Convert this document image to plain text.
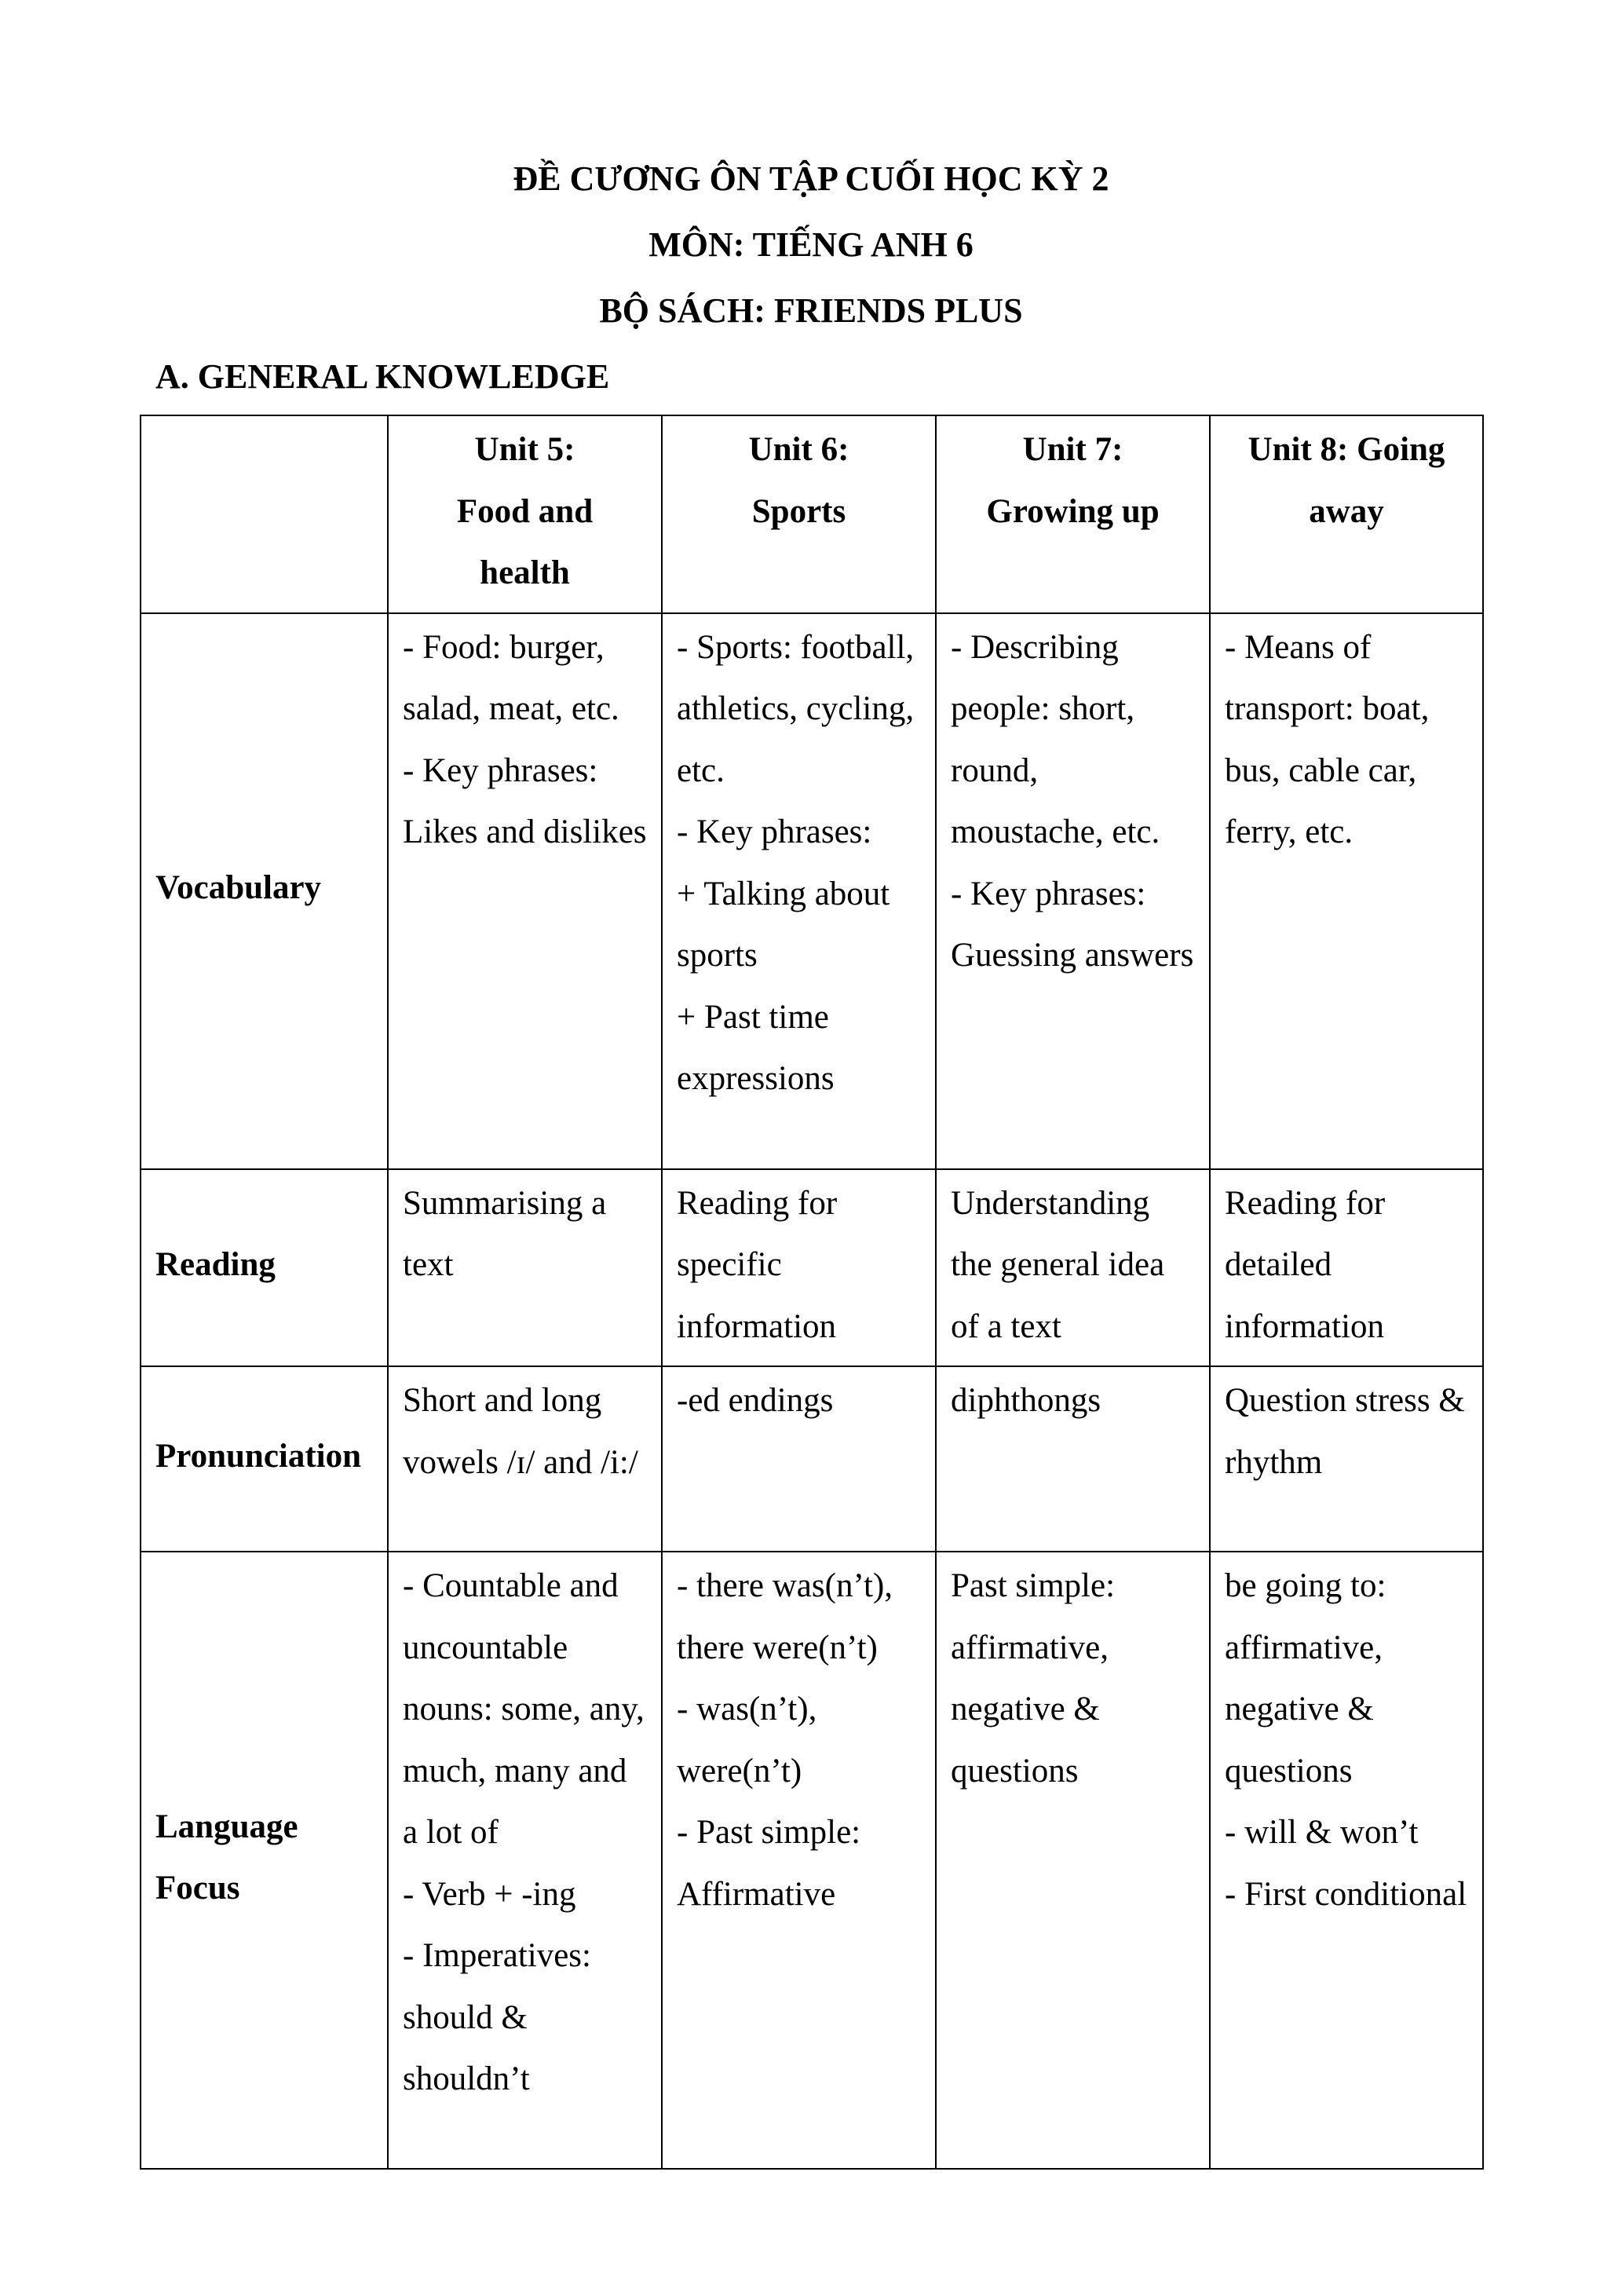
ĐỀ CƯƠNG ÔN TẬP CUỐI HỌC KỲ 2
MÔN: TIẾNG ANH 6
BỘ SÁCH: FRIENDS PLUS
A. GENERAL KNOWLEDGE

	Unit 5:
Food and health	Unit 6:
Sports	Unit 7:
Growing up	Unit 8: Going away

Vocabulary	- Food: burger, salad, meat, etc.
- Key phrases: Likes and dislikes	- Sports: football, athletics, cycling, etc.
- Key phrases:
+ Talking about sports
+ Past time expressions	- Describing people: short, round, moustache, etc.
- Key phrases: Guessing answers	- Means of transport: boat, bus, cable car, ferry, etc.

Reading	Summarising a text	Reading for specific information	Understanding the general idea of a text	Reading for detailed information

Pronunciation	Short and long vowels /ɪ/ and /i:/	-ed endings	diphthongs	Question stress & rhythm

Language Focus	- Countable and uncountable nouns: some, any, much, many and a lot of
- Verb + -ing
- Imperatives: should & shouldn’t	- there was(n’t), there were(n’t)
- was(n’t), were(n’t)
- Past simple: Affirmative	Past simple: affirmative, negative & questions	be going to: affirmative, negative & questions
- will & won’t
- First conditional
